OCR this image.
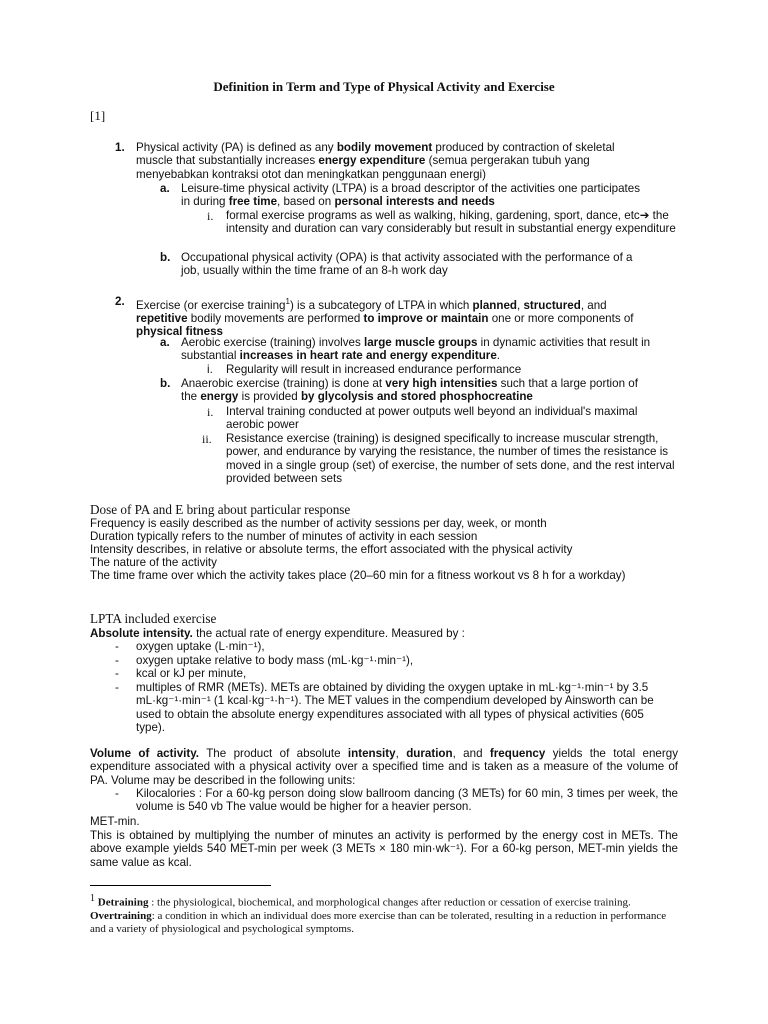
Definition in Term and Type of Physical Activity and Exercise
[1]
1. Physical activity (PA) is defined as any bodily movement produced by contraction of skeletal muscle that substantially increases energy expenditure (semua pergerakan tubuh yang menyebabkan kontraksi otot dan meningkatkan penggunaan energi)
a. Leisure-time physical activity (LTPA) is a broad descriptor of the activities one participates in during free time, based on personal interests and needs
i. formal exercise programs as well as walking, hiking, gardening, sport, dance, etc➔ the intensity and duration can vary considerably but result in substantial energy expenditure
b. Occupational physical activity (OPA) is that activity associated with the performance of a job, usually within the time frame of an 8-h work day
2. Exercise (or exercise training$^1$) is a subcategory of LTPA in which planned, structured, and repetitive bodily movements are performed to improve or maintain one or more components of physical fitness
a. Aerobic exercise (training) involves large muscle groups in dynamic activities that result in substantial increases in heart rate and energy expenditure.
i. Regularity will result in increased endurance performance
b. Anaerobic exercise (training) is done at very high intensities such that a large portion of the energy is provided by glycolysis and stored phosphocreatine
i. Interval training conducted at power outputs well beyond an individual's maximal aerobic power
ii. Resistance exercise (training) is designed specifically to increase muscular strength, power, and endurance by varying the resistance, the number of times the resistance is moved in a single group (set) of exercise, the number of sets done, and the rest interval provided between sets
Dose of PA and E bring about particular response
Frequency is easily described as the number of activity sessions per day, week, or month
Duration typically refers to the number of minutes of activity in each session
Intensity describes, in relative or absolute terms, the effort associated with the physical activity
The nature of the activity
The time frame over which the activity takes place (20–60 min for a fitness workout vs 8 h for a workday)
LPTA included exercise
Absolute intensity. the actual rate of energy expenditure. Measured by :
- oxygen uptake (L·min⁻¹),
- oxygen uptake relative to body mass (mL·kg⁻¹·min⁻¹),
- kcal or kJ per minute,
- multiples of RMR (METs). METs are obtained by dividing the oxygen uptake in mL·kg⁻¹·min⁻¹ by 3.5 mL·kg⁻¹·min⁻¹ (1 kcal·kg⁻¹·h⁻¹). The MET values in the compendium developed by Ainsworth can be used to obtain the absolute energy expenditures associated with all types of physical activities (605 type).
Volume of activity. The product of absolute intensity, duration, and frequency yields the total energy expenditure associated with a physical activity over a specified time and is taken as a measure of the volume of PA. Volume may be described in the following units:
- Kilocalories : For a 60-kg person doing slow ballroom dancing (3 METs) for 60 min, 3 times per week, the volume is 540 vb The value would be higher for a heavier person.
MET-min.
This is obtained by multiplying the number of minutes an activity is performed by the energy cost in METs. The above example yields 540 MET-min per week (3 METs × 180 min·wk⁻¹). For a 60-kg person, MET-min yields the same value as kcal.
$^1$ Detraining : the physiological, biochemical, and morphological changes after reduction or cessation of exercise training. Overtraining: a condition in which an individual does more exercise than can be tolerated, resulting in a reduction in performance and a variety of physiological and psychological symptoms.
